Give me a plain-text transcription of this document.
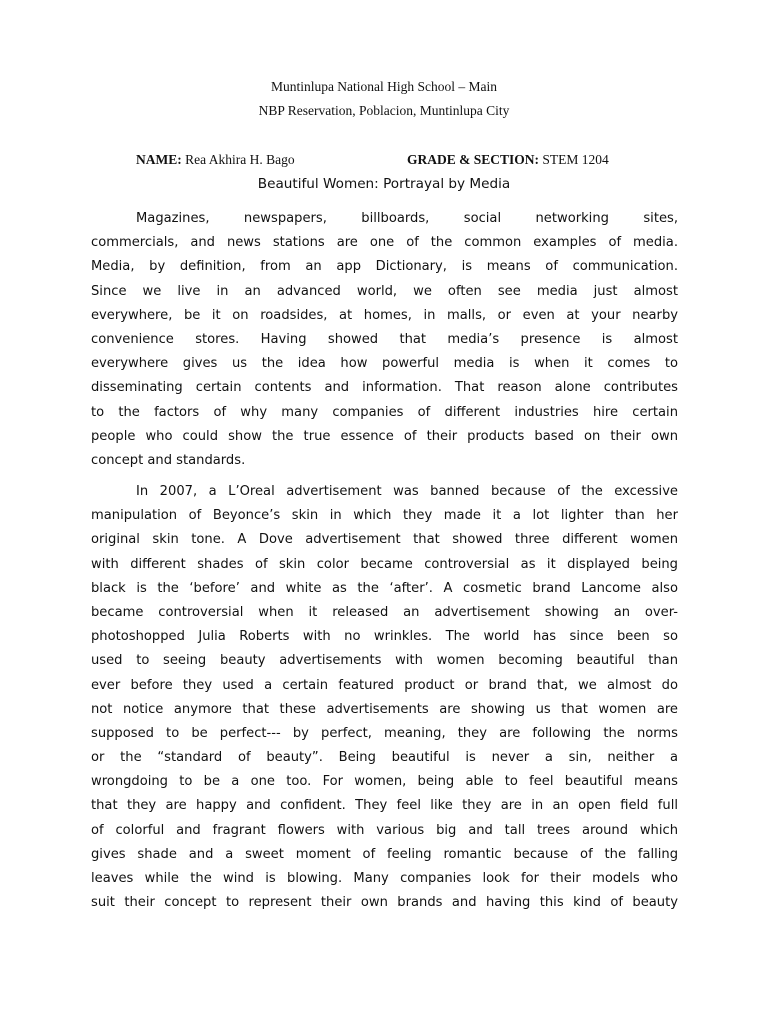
Muntinlupa National High School – Main
NBP Reservation, Poblacion, Muntinlupa City
NAME: Rea Akhira H. Bago	GRADE & SECTION: STEM 1204
Beautiful Women: Portrayal by Media
Magazines, newspapers, billboards, social networking sites,
commercials, and news stations are one of the common examples of media.
Media, by definition, from an app Dictionary, is means of communication.
Since we live in an advanced world, we often see media just almost
everywhere, be it on roadsides, at homes, in malls, or even at your nearby
convenience stores. Having showed that media’s presence is almost
everywhere gives us the idea how powerful media is when it comes to
disseminating certain contents and information. That reason alone contributes
to the factors of why many companies of different industries hire certain
people who could show the true essence of their products based on their own
concept and standards.
In 2007, a L’Oreal advertisement was banned because of the excessive
manipulation of Beyonce’s skin in which they made it a lot lighter than her
original skin tone. A Dove advertisement that showed three different women
with different shades of skin color became controversial as it displayed being
black is the ‘before’ and white as the ‘after’. A cosmetic brand Lancome also
became controversial when it released an advertisement showing an over-
photoshopped Julia Roberts with no wrinkles. The world has since been so
used to seeing beauty advertisements with women becoming beautiful than
ever before they used a certain featured product or brand that, we almost do
not notice anymore that these advertisements are showing us that women are
supposed to be perfect--- by perfect, meaning, they are following the norms
or the “standard of beauty”. Being beautiful is never a sin, neither a
wrongdoing to be a one too. For women, being able to feel beautiful means
that they are happy and confident. They feel like they are in an open field full
of colorful and fragrant flowers with various big and tall trees around which
gives shade and a sweet moment of feeling romantic because of the falling
leaves while the wind is blowing. Many companies look for their models who
suit their concept to represent their own brands and having this kind of beauty
